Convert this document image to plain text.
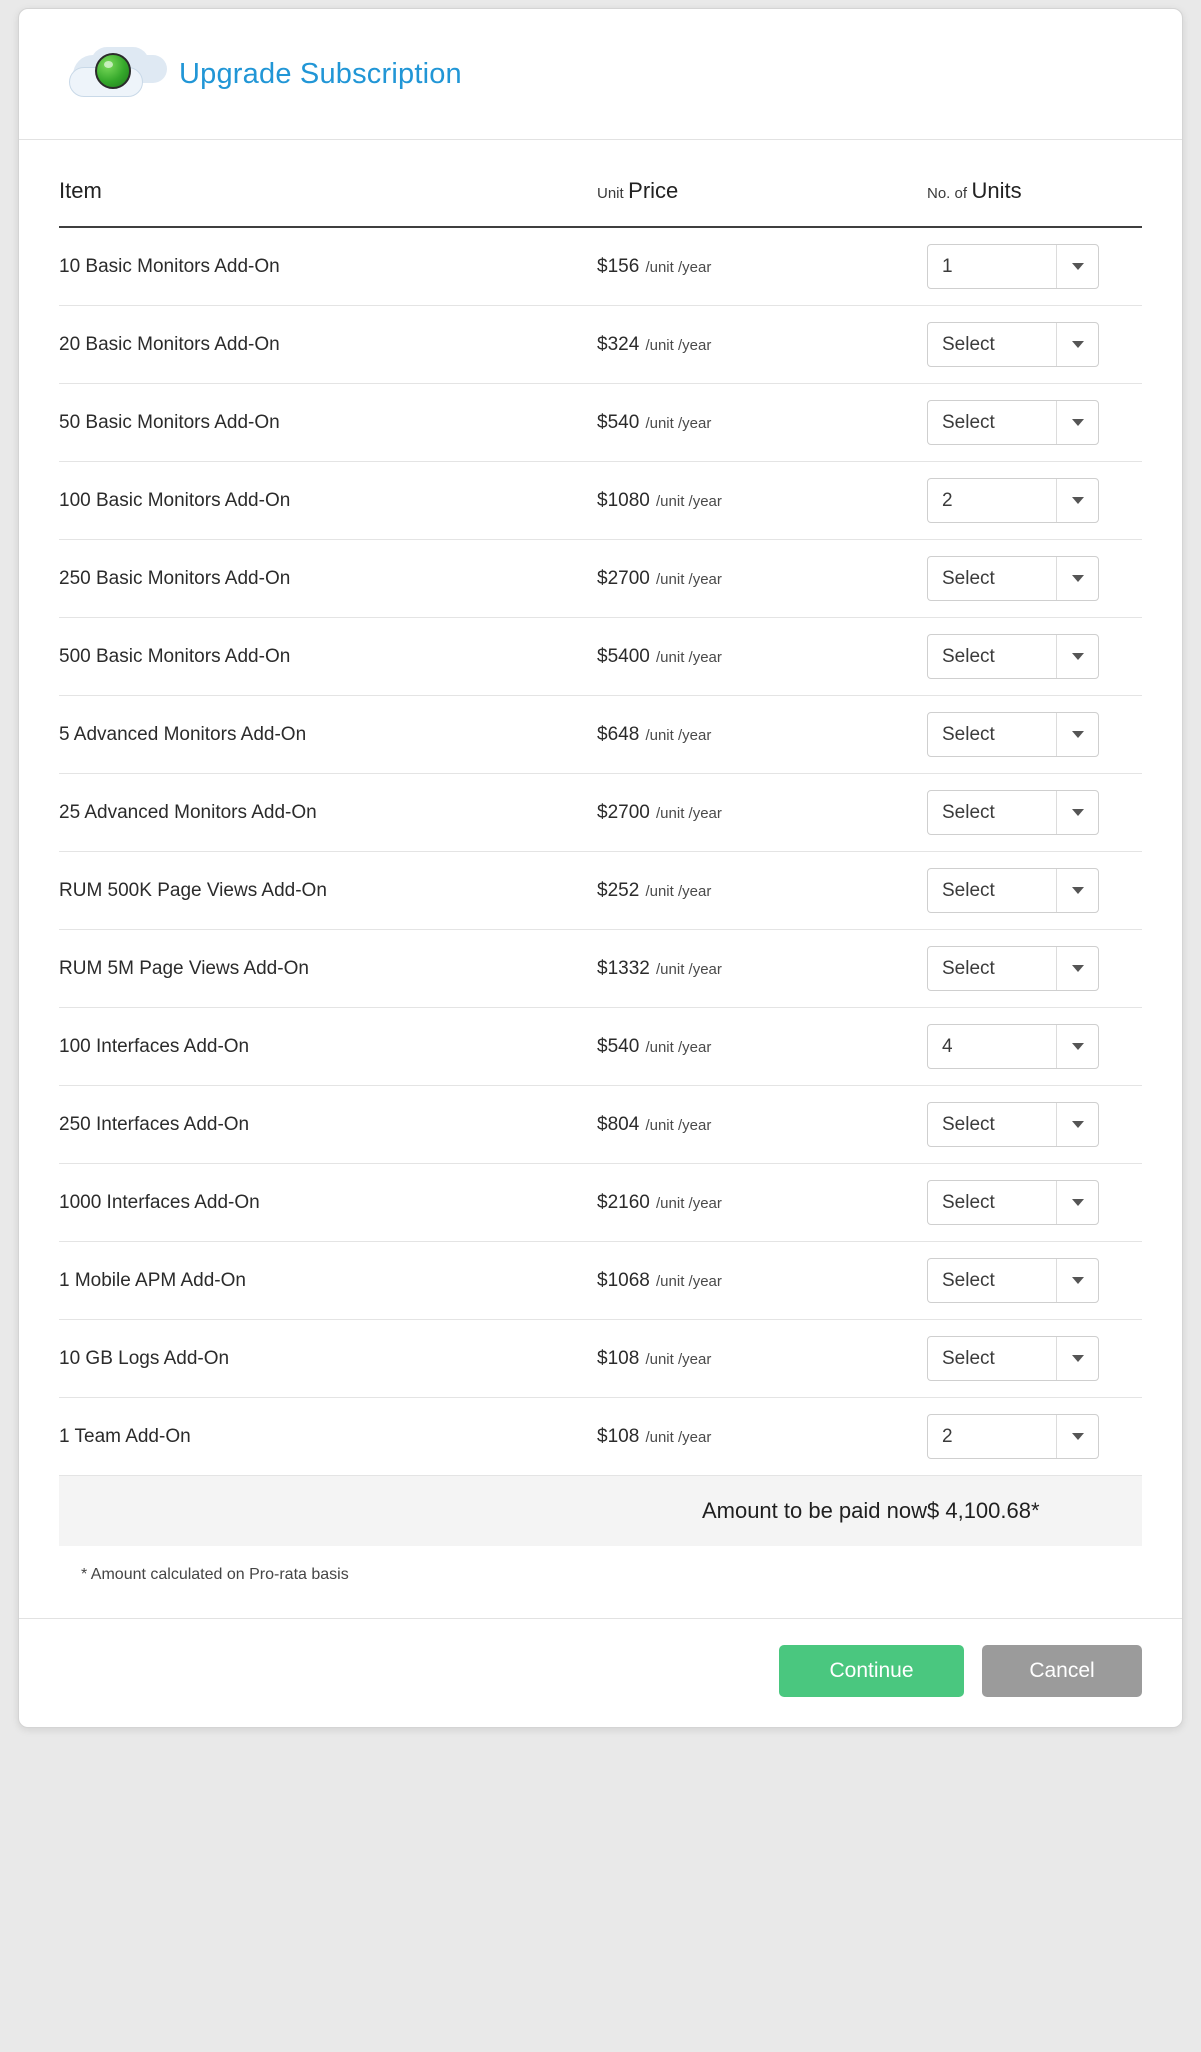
Upgrade Subscription
Item	Unit Price	No. of Units
10 Basic Monitors Add-On	$156 /unit /year	1

20 Basic Monitors Add-On	$324 /unit /year	Select

50 Basic Monitors Add-On	$540 /unit /year	Select

100 Basic Monitors Add-On	$1080 /unit /year	2

250 Basic Monitors Add-On	$2700 /unit /year	Select

500 Basic Monitors Add-On	$5400 /unit /year	Select

5 Advanced Monitors Add-On	$648 /unit /year	Select

25 Advanced Monitors Add-On	$2700 /unit /year	Select

RUM 500K Page Views Add-On	$252 /unit /year	Select

RUM 5M Page Views Add-On	$1332 /unit /year	Select

100 Interfaces Add-On	$540 /unit /year	4

250 Interfaces Add-On	$804 /unit /year	Select

1000 Interfaces Add-On	$2160 /unit /year	Select

1 Mobile APM Add-On	$1068 /unit /year	Select

10 GB Logs Add-On	$108 /unit /year	Select

1 Team Add-On	$108 /unit /year	2

Amount to be paid now		$ 4,100.68*
* Amount calculated on Pro-rata basis
Continue	Cancel
